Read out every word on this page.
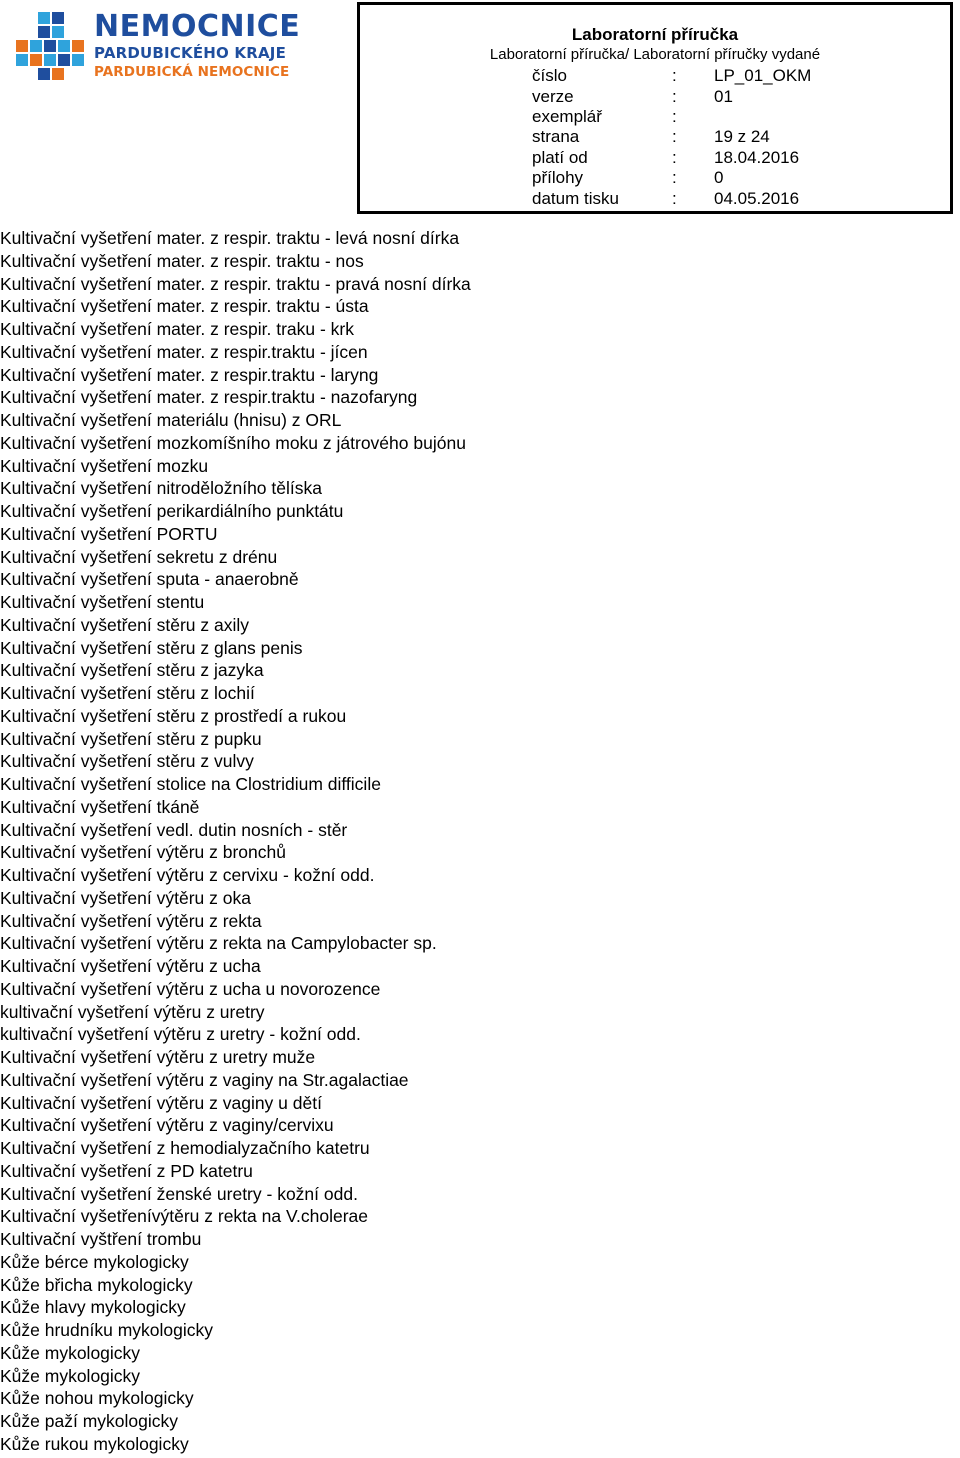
NEMOCNICE
PARDUBICKÉHO KRAJE
PARDUBICKÁ NEMOCNICE
Laboratorní příručka
Laboratorní příručka/ Laboratorní příručky vydané
číslo	: LP_01_OKM
verze	: 01
exemplář	:
strana	: 19 z 24
platí od	: 18.04.2016
přílohy	: 0
datum tisku	: 04.05.2016
Kultivační vyšetření mater. z respir. traktu - levá nosní dírka
Kultivační vyšetření mater. z respir. traktu - nos
Kultivační vyšetření mater. z respir. traktu - pravá nosní dírka
Kultivační vyšetření mater. z respir. traktu - ústa
Kultivační vyšetření mater. z respir. traku - krk
Kultivační vyšetření mater. z respir.traktu - jícen
Kultivační vyšetření mater. z respir.traktu - laryng
Kultivační vyšetření mater. z respir.traktu - nazofaryng
Kultivační vyšetření materiálu (hnisu) z ORL
Kultivační vyšetření mozkomíšního moku z játrového bujónu
Kultivační vyšetření mozku
Kultivační vyšetření nitroděložního tělíska
Kultivační vyšetření perikardiálního punktátu
Kultivační vyšetření PORTU
Kultivační vyšetření sekretu z drénu
Kultivační vyšetření sputa - anaerobně
Kultivační vyšetření stentu
Kultivační vyšetření stěru z axily
Kultivační vyšetření stěru z glans penis
Kultivační vyšetření stěru z jazyka
Kultivační vyšetření stěru z lochií
Kultivační vyšetření stěru z prostředí a rukou
Kultivační vyšetření stěru z pupku
Kultivační vyšetření stěru z vulvy
Kultivační vyšetření stolice na Clostridium difficile
Kultivační vyšetření tkáně
Kultivační vyšetření vedl. dutin nosních - stěr
Kultivační vyšetření výtěru z bronchů
Kultivační vyšetření výtěru z cervixu - kožní odd.
Kultivační vyšetření výtěru z oka
Kultivační vyšetření výtěru z rekta
Kultivační vyšetření výtěru z rekta na Campylobacter sp.
Kultivační vyšetření výtěru z ucha
Kultivační vyšetření výtěru z ucha u novorozence
kultivační vyšetření výtěru z uretry
kultivační vyšetření výtěru z uretry - kožní odd.
Kultivační vyšetření výtěru z uretry muže
Kultivační vyšetření výtěru z vaginy na Str.agalactiae
Kultivační vyšetření výtěru z vaginy u dětí
Kultivační vyšetření výtěru z vaginy/cervixu
Kultivační vyšetření z hemodialyzačního katetru
Kultivační vyšetření z PD katetru
Kultivační vyšetření ženské uretry - kožní odd.
Kultivační vyšetřenívýtěru z rekta na V.cholerae
Kultivační vyštření trombu
Kůže bérce mykologicky
Kůže břicha mykologicky
Kůže hlavy mykologicky
Kůže hrudníku mykologicky
Kůže mykologicky
Kůže mykologicky
Kůže nohou mykologicky
Kůže paží mykologicky
Kůže rukou mykologicky
